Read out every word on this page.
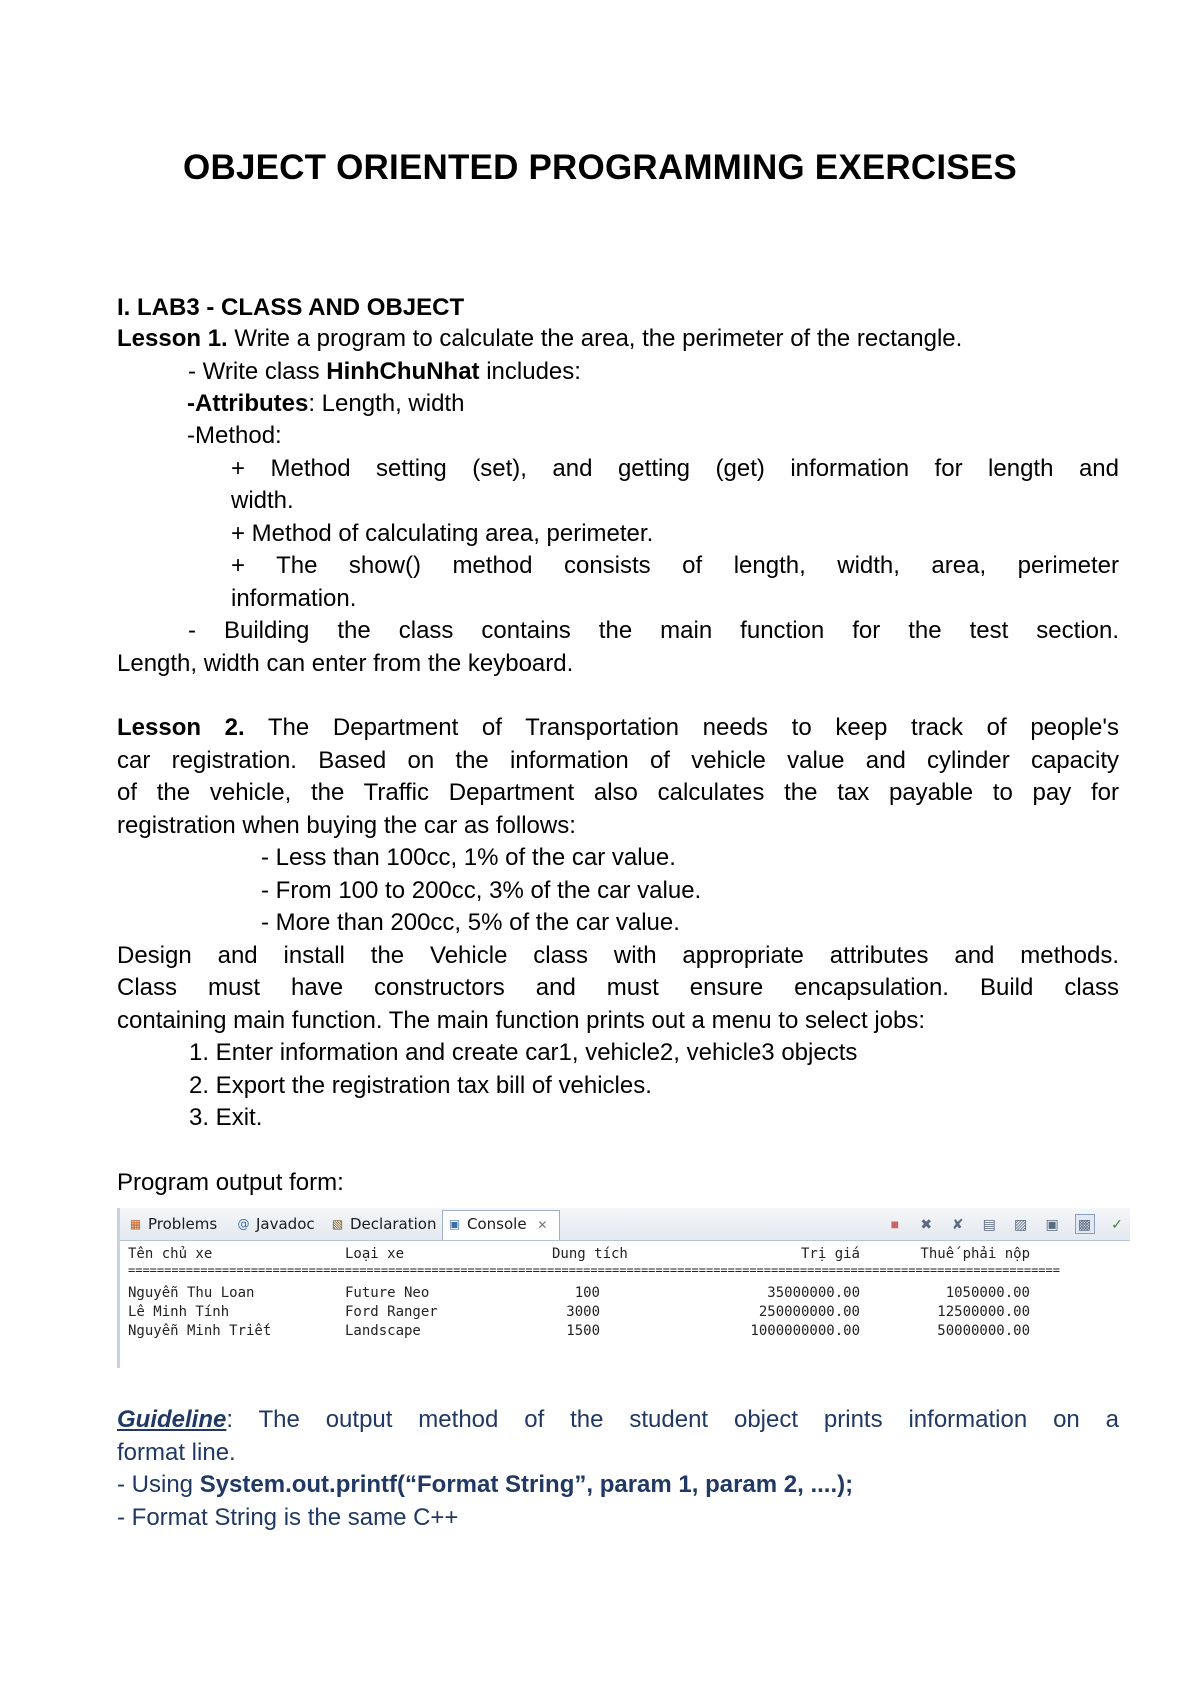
OBJECT ORIENTED PROGRAMMING EXERCISES
I. LAB3 - CLASS AND OBJECT
Lesson 1. Write a program to calculate the area, the perimeter of the rectangle.
- Write class HinhChuNhat includes:
-Attributes: Length, width
-Method:
+ Method setting (set), and getting (get) information for length and
width.
+ Method of calculating area, perimeter.
+ The show() method consists of length, width, area, perimeter
information.
- Building the class contains the main function for the test section.
Length, width can enter from the keyboard.
Lesson 2. The Department of Transportation needs to keep track of people's
car registration. Based on the information of vehicle value and cylinder capacity
of the vehicle, the Traffic Department also calculates the tax payable to pay for
registration when buying the car as follows:
- Less than 100cc, 1% of the car value.
- From 100 to 200cc, 3% of the car value.
- More than 200cc, 5% of the car value.
Design and install the Vehicle class with appropriate attributes and methods.
Class must have constructors and must ensure encapsulation. Build class
containing main function. The main function prints out a menu to select jobs:
1. Enter information and create car1, vehicle2, vehicle3 objects
2. Export the registration tax bill of vehicles.
3. Exit.
Program output form:
▦ Problems	@ Javadoc	▧ Declaration	▣ Console ✕	■ ✖ ✘ ▤ ▨ ▣ ▩ ✓
Tên chủ xe	Loại xe	Dung tích	Trị giá	Thuế phải nộp
=================================================================================================================================
Nguyễn Thu Loan	Future Neo	100	35000000.00	1050000.00
Lê Minh Tính	Ford Ranger	3000	250000000.00	12500000.00
Nguyễn Minh Triết	Landscape	1500	1000000000.00	50000000.00
Guideline: The output method of the student object prints information on a
format line.
- Using System.out.printf(“Format String”, param 1, param 2, ....);
- Format String is the same C++
